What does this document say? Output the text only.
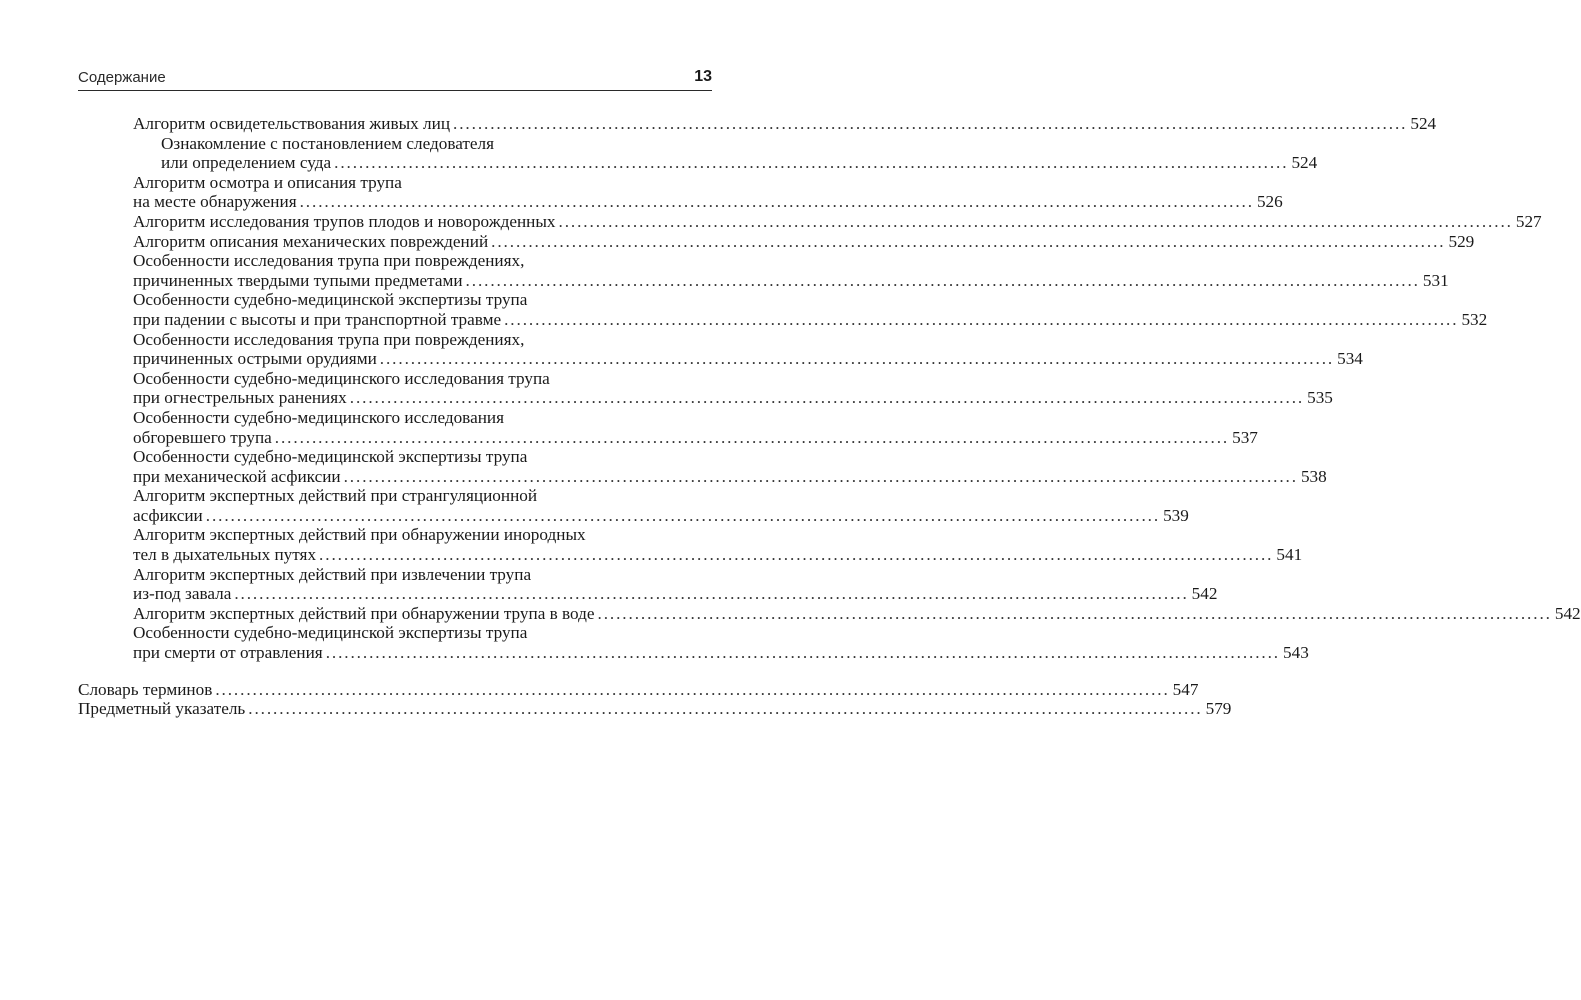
Содержание	13
Алгоритм освидетельствования живых лиц .......................................................................................................................................................... 524
Ознакомление с постановлением следователя
или определением суда .......................................................................................................................................................... 524
Алгоритм осмотра и описания трупа
на месте обнаружения .......................................................................................................................................................... 526
Алгоритм исследования трупов плодов и новорожденных .......................................................................................................................................................... 527
Алгоритм описания механических повреждений .......................................................................................................................................................... 529
Особенности исследования трупа при повреждениях,
причиненных твердыми тупыми предметами .......................................................................................................................................................... 531
Особенности судебно-медицинской экспертизы трупа
при падении с высоты и при транспортной травме .......................................................................................................................................................... 532
Особенности исследования трупа при повреждениях,
причиненных острыми орудиями .......................................................................................................................................................... 534
Особенности судебно-медицинского исследования трупа
при огнестрельных ранениях .......................................................................................................................................................... 535
Особенности судебно-медицинского исследования
обгоревшего трупа .......................................................................................................................................................... 537
Особенности судебно-медицинской экспертизы трупа
при механической асфиксии .......................................................................................................................................................... 538
Алгоритм экспертных действий при странгуляционной
асфиксии .......................................................................................................................................................... 539
Алгоритм экспертных действий при обнаружении инородных
тел в дыхательных путях .......................................................................................................................................................... 541
Алгоритм экспертных действий при извлечении трупа
из-под завала .......................................................................................................................................................... 542
Алгоритм экспертных действий при обнаружении трупа в воде .......................................................................................................................................................... 542
Особенности судебно-медицинской экспертизы трупа
при смерти от отравления .......................................................................................................................................................... 543
Словарь терминов .......................................................................................................................................................... 547
Предметный указатель .......................................................................................................................................................... 579
